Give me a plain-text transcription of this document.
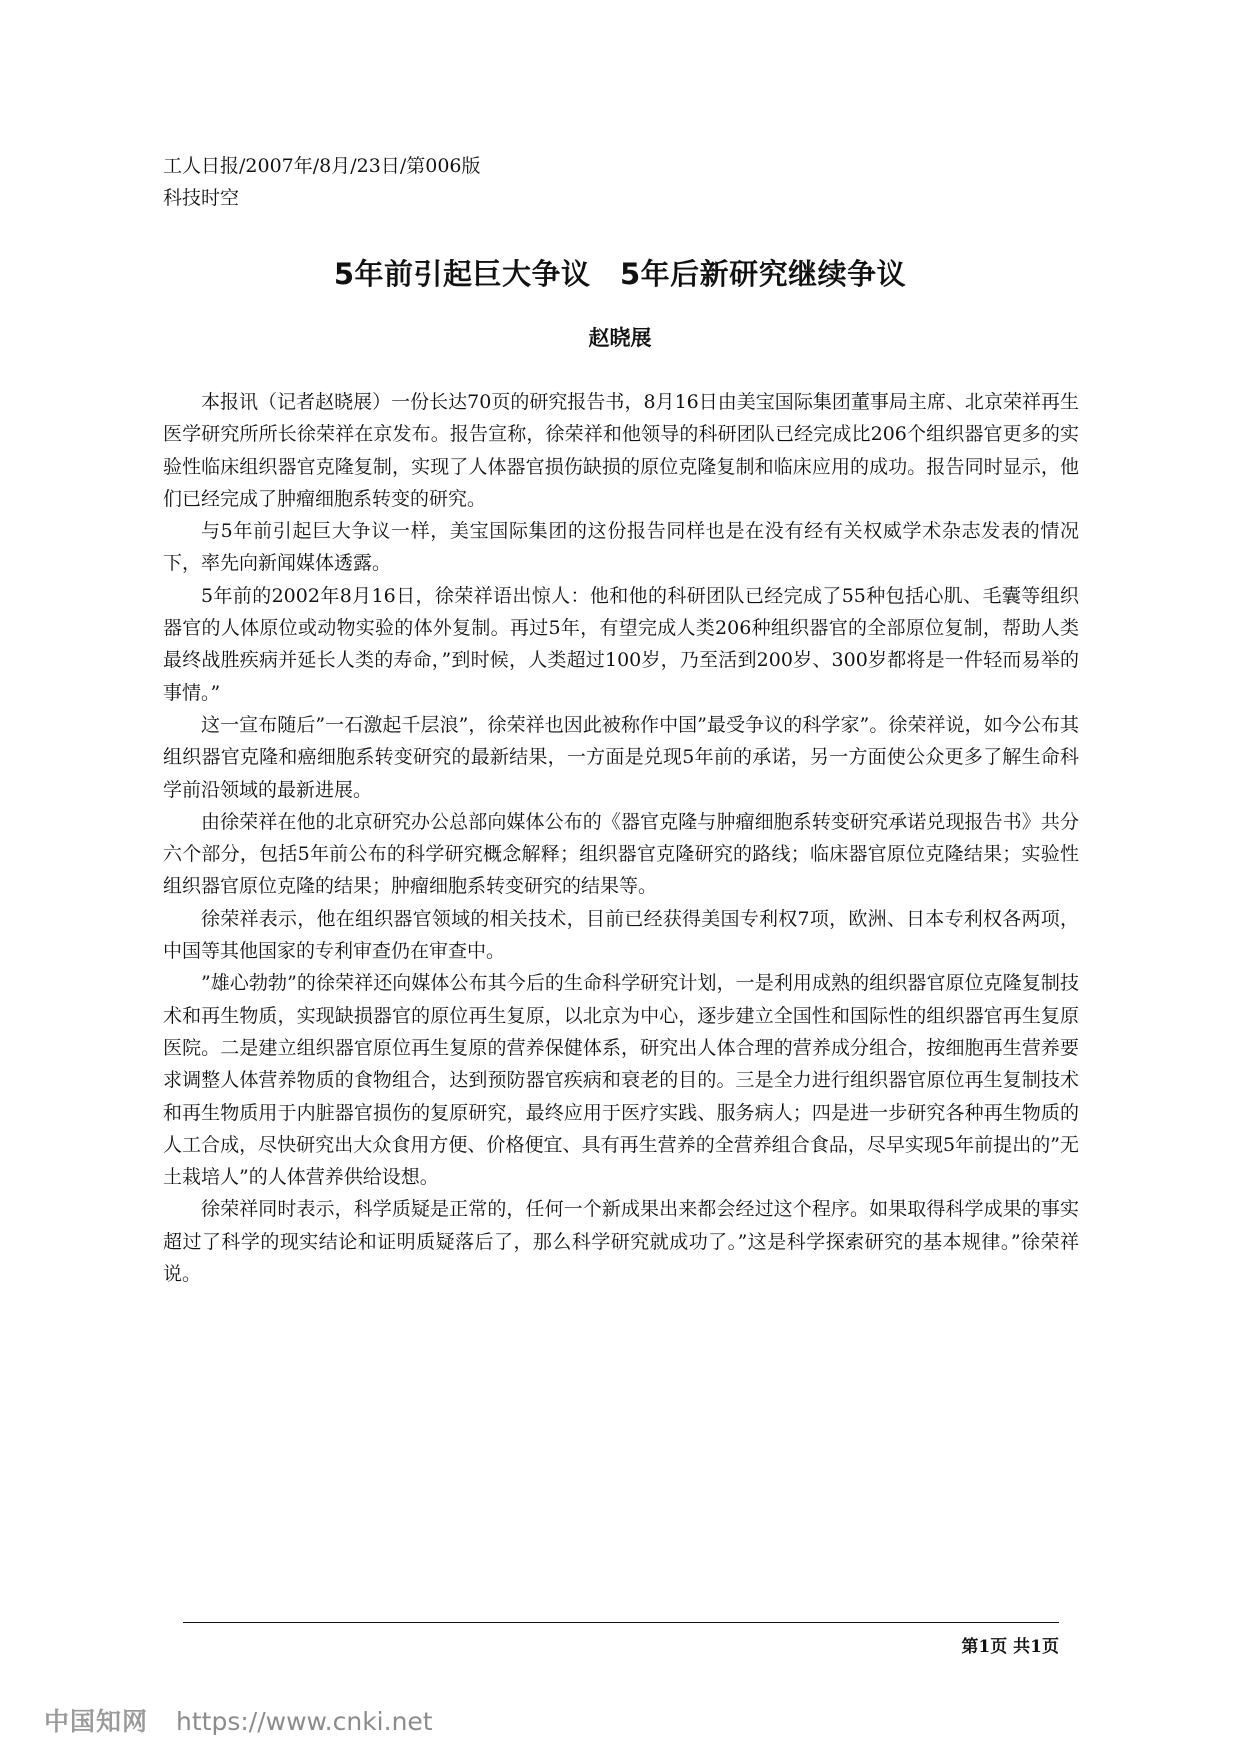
工人日报/2007年/8月/23日/第006版
科技时空
5年前引起巨大争议　5年后新研究继续争议
赵晓展

本报讯（记者赵晓展）一份长达70页的研究报告书，8月16日由美宝国际集团董事局主席、北京荣祥再生医学研究所所长徐荣祥在京发布。报告宣称，徐荣祥和他领导的科研团队已经完成比206个组织器官更多的实验性临床组织器官克隆复制，实现了人体器官损伤缺损的原位克隆复制和临床应用的成功。报告同时显示，他们已经完成了肿瘤细胞系转变的研究。

与5年前引起巨大争议一样，美宝国际集团的这份报告同样也是在没有经有关权威学术杂志发表的情况下，率先向新闻媒体透露。

5年前的2002年8月16日，徐荣祥语出惊人：他和他的科研团队已经完成了55种包括心肌、毛囊等组织器官的人体原位或动物实验的体外复制。再过5年，有望完成人类206种组织器官的全部原位复制，帮助人类最终战胜疾病并延长人类的寿命，”到时候，人类超过100岁，乃至活到200岁、300岁都将是一件轻而易举的事情。”

这一宣布随后”一石激起千层浪”，徐荣祥也因此被称作中国”最受争议的科学家”。徐荣祥说，如今公布其组织器官克隆和癌细胞系转变研究的最新结果，一方面是兑现5年前的承诺，另一方面使公众更多了解生命科学前沿领域的最新进展。

由徐荣祥在他的北京研究办公总部向媒体公布的《器官克隆与肿瘤细胞系转变研究承诺兑现报告书》共分六个部分，包括5年前公布的科学研究概念解释；组织器官克隆研究的路线；临床器官原位克隆结果；实验性组织器官原位克隆的结果；肿瘤细胞系转变研究的结果等。

徐荣祥表示，他在组织器官领域的相关技术，目前已经获得美国专利权7项，欧洲、日本专利权各两项，中国等其他国家的专利审查仍在审查中。

”雄心勃勃”的徐荣祥还向媒体公布其今后的生命科学研究计划，一是利用成熟的组织器官原位克隆复制技术和再生物质，实现缺损器官的原位再生复原，以北京为中心，逐步建立全国性和国际性的组织器官再生复原医院。二是建立组织器官原位再生复原的营养保健体系，研究出人体合理的营养成分组合，按细胞再生营养要求调整人体营养物质的食物组合，达到预防器官疾病和衰老的目的。三是全力进行组织器官原位再生复制技术和再生物质用于内脏器官损伤的复原研究，最终应用于医疗实践、服务病人；四是进一步研究各种再生物质的人工合成，尽快研究出大众食用方便、价格便宜、具有再生营养的全营养组合食品，尽早实现5年前提出的”无土栽培人”的人体营养供给设想。

徐荣祥同时表示，科学质疑是正常的，任何一个新成果出来都会经过这个程序。如果取得科学成果的事实超过了科学的现实结论和证明质疑落后了，那么科学研究就成功了。”这是科学探索研究的基本规律。”徐荣祥说。

第1页 共1页
中国知网 https://www.cnki.net
